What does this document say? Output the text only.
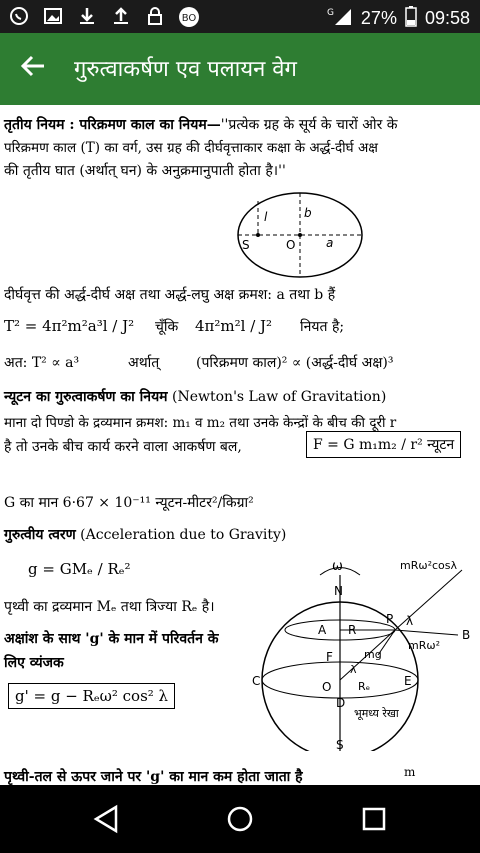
BO	G 27% 09:58
गुरुत्वाकर्षण एव पलायन वेग
तृतीय नियम : परिक्रमण काल का नियम—''प्रत्येक ग्रह के सूर्य के चारों ओर के
परिक्रमण काल (T) का वर्ग, उस ग्रह की दीर्घवृत्ताकार कक्षा के अर्द्ध-दीर्घ अक्ष
की तृतीय घात (अर्थात् घन) के अनुक्रमानुपाती होता है।''
l	b
S	O	a
दीर्घवृत्त की अर्द्ध-दीर्घ अक्ष तथा अर्द्ध-लघु अक्ष क्रमश: a तथा b हैं
T² = 4π²m²a³l / J² चूँकि 4π²m²l / J² नियत है;
अत: T² ∝ a³	अर्थात्	(परिक्रमण काल)² ∝ (अर्द्ध-दीर्घ अक्ष)³
न्यूटन का गुरुत्वाकर्षण का नियम (Newton's Law of Gravitation)
माना दो पिण्डो के द्रव्यमान क्रमश: m₁ व m₂ तथा उनके केन्द्रों के बीच की दूरी r
है तो उनके बीच कार्य करने वाला आकर्षण बल,	F = G m₁m₂ / r² न्यूटन
G का मान 6·67 × 10⁻¹¹ न्यूटन-मीटर²/किग्रा²
गुरुत्वीय त्वरण (Acceleration due to Gravity)
g = GMₑ / Rₑ²
पृथ्वी का द्रव्यमान Mₑ तथा त्रिज्या Rₑ है।
अक्षांश के साथ 'g' के मान में परिवर्तन के
लिए व्यंजक
g' = g − Rₑω² cos² λ
ω	mRω²cosλ
N
A R
P λ
B
mRω²
mg
F
C	O	E
Rₑ
D
भूमध्य रेखा
S
λ
m
पृथ्वी-तल से ऊपर जाने पर 'g' का मान कम होता जाता है
